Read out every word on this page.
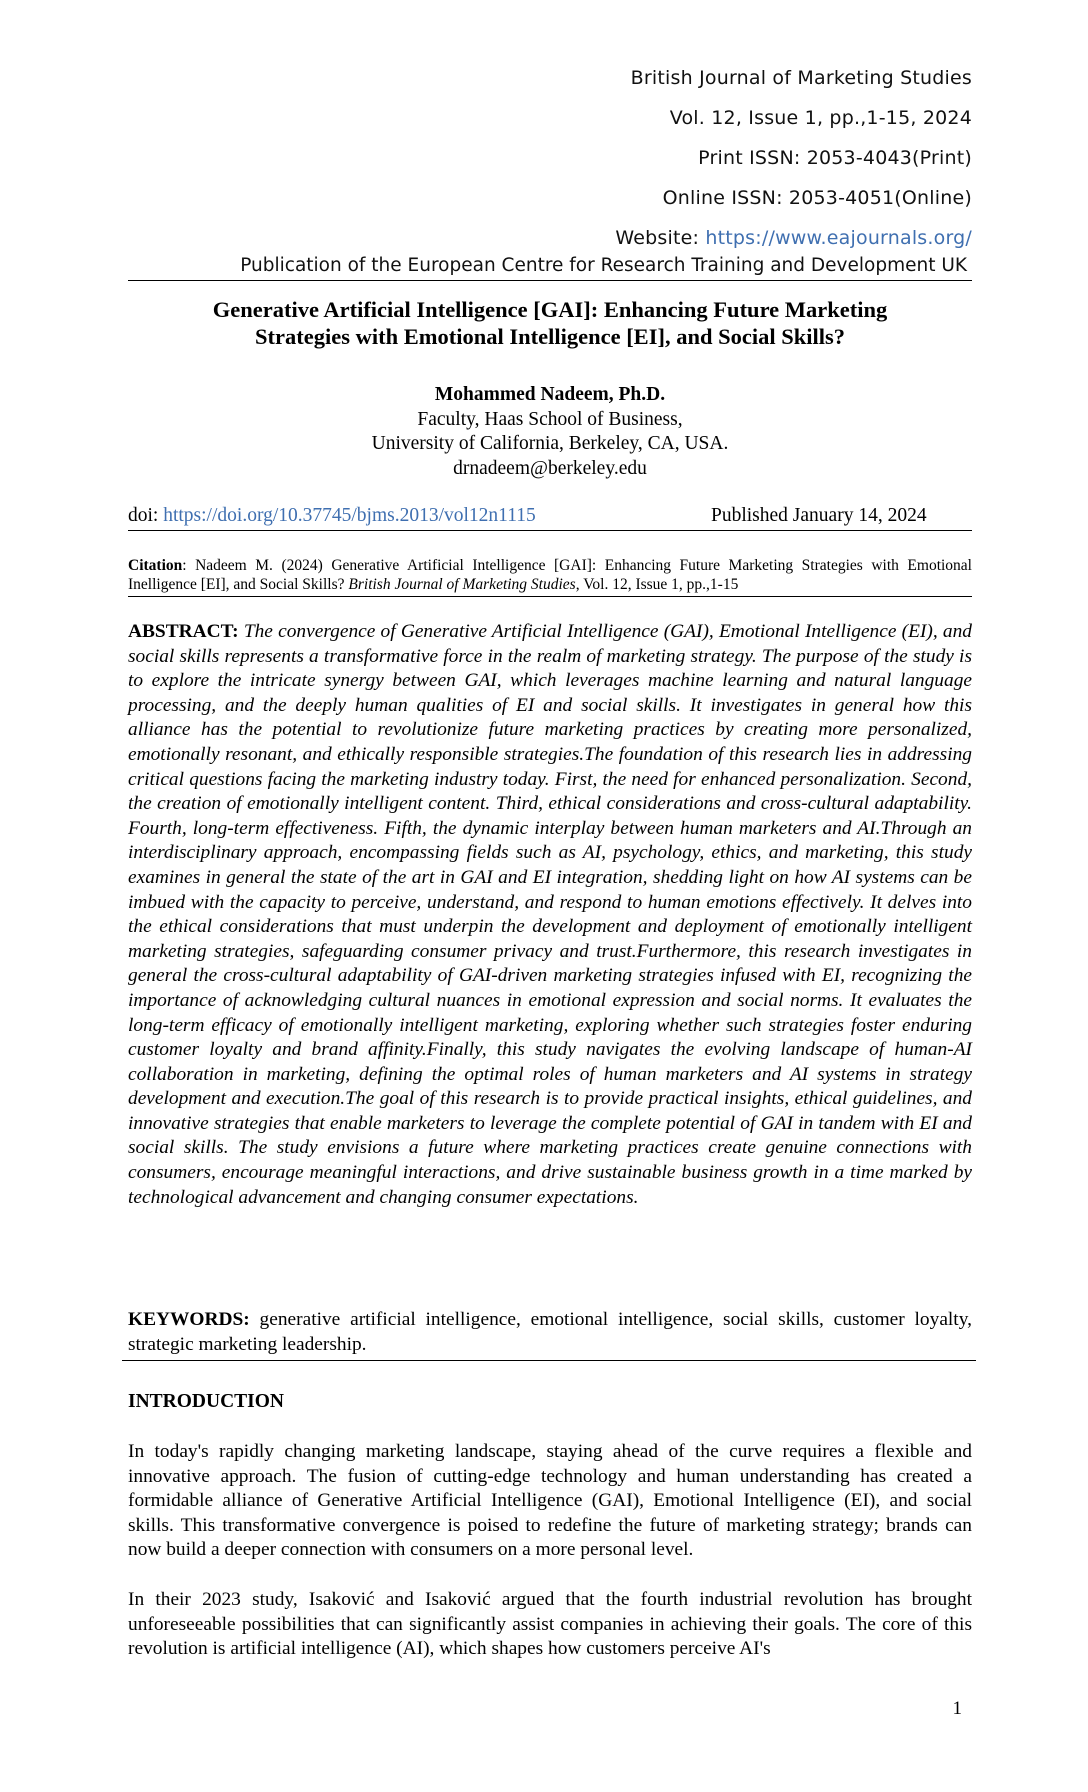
British Journal of Marketing Studies
Vol. 12, Issue 1, pp.,1-15, 2024
Print ISSN: 2053-4043(Print)
Online ISSN: 2053-4051(Online)
Website: https://www.eajournals.org/
Publication of the European Centre for Research Training and Development UK
Generative Artificial Intelligence [GAI]: Enhancing Future Marketing
Strategies with Emotional Intelligence [EI], and Social Skills?
Mohammed Nadeem, Ph.D.
Faculty, Haas School of Business,
University of California, Berkeley, CA, USA.
drnadeem@berkeley.edu
doi: https://doi.org/10.37745/bjms.2013/vol12n1115	Published January 14, 2024
Citation: Nadeem M. (2024) Generative Artificial Intelligence [GAI]: Enhancing Future Marketing Strategies with Emotional Inelligence [EI], and Social Skills? British Journal of Marketing Studies, Vol. 12, Issue 1, pp.,1-15
ABSTRACT: The convergence of Generative Artificial Intelligence (GAI), Emotional Intelligence (EI), and social skills represents a transformative force in the realm of marketing strategy. The purpose of the study is to explore the intricate synergy between GAI, which leverages machine learning and natural language processing, and the deeply human qualities of EI and social skills. It investigates in general how this alliance has the potential to revolutionize future marketing practices by creating more personalized, emotionally resonant, and ethically responsible strategies.The foundation of this research lies in addressing critical questions facing the marketing industry today. First, the need for enhanced personalization. Second, the creation of emotionally intelligent content. Third, ethical considerations and cross-cultural adaptability. Fourth, long-term effectiveness. Fifth, the dynamic interplay between human marketers and AI.Through an interdisciplinary approach, encompassing fields such as AI, psychology, ethics, and marketing, this study examines in general the state of the art in GAI and EI integration, shedding light on how AI systems can be imbued with the capacity to perceive, understand, and respond to human emotions effectively. It delves into the ethical considerations that must underpin the development and deployment of emotionally intelligent marketing strategies, safeguarding consumer privacy and trust.Furthermore, this research investigates in general the cross-cultural adaptability of GAI-driven marketing strategies infused with EI, recognizing the importance of acknowledging cultural nuances in emotional expression and social norms. It evaluates the long-term efficacy of emotionally intelligent marketing, exploring whether such strategies foster enduring customer loyalty and brand affinity.Finally, this study navigates the evolving landscape of human-AI collaboration in marketing, defining the optimal roles of human marketers and AI systems in strategy development and execution.The goal of this research is to provide practical insights, ethical guidelines, and innovative strategies that enable marketers to leverage the complete potential of GAI in tandem with EI and social skills. The study envisions a future where marketing practices create genuine connections with consumers, encourage meaningful interactions, and drive sustainable business growth in a time marked by technological advancement and changing consumer expectations.
KEYWORDS: generative artificial intelligence, emotional intelligence, social skills, customer loyalty, strategic marketing leadership.
INTRODUCTION
In today's rapidly changing marketing landscape, staying ahead of the curve requires a flexible and innovative approach. The fusion of cutting-edge technology and human understanding has created a formidable alliance of Generative Artificial Intelligence (GAI), Emotional Intelligence (EI), and social skills. This transformative convergence is poised to redefine the future of marketing strategy; brands can now build a deeper connection with consumers on a more personal level.
In their 2023 study, Isaković and Isaković argued that the fourth industrial revolution has brought unforeseeable possibilities that can significantly assist companies in achieving their goals. The core of this revolution is artificial intelligence (AI), which shapes how customers perceive AI's
1
